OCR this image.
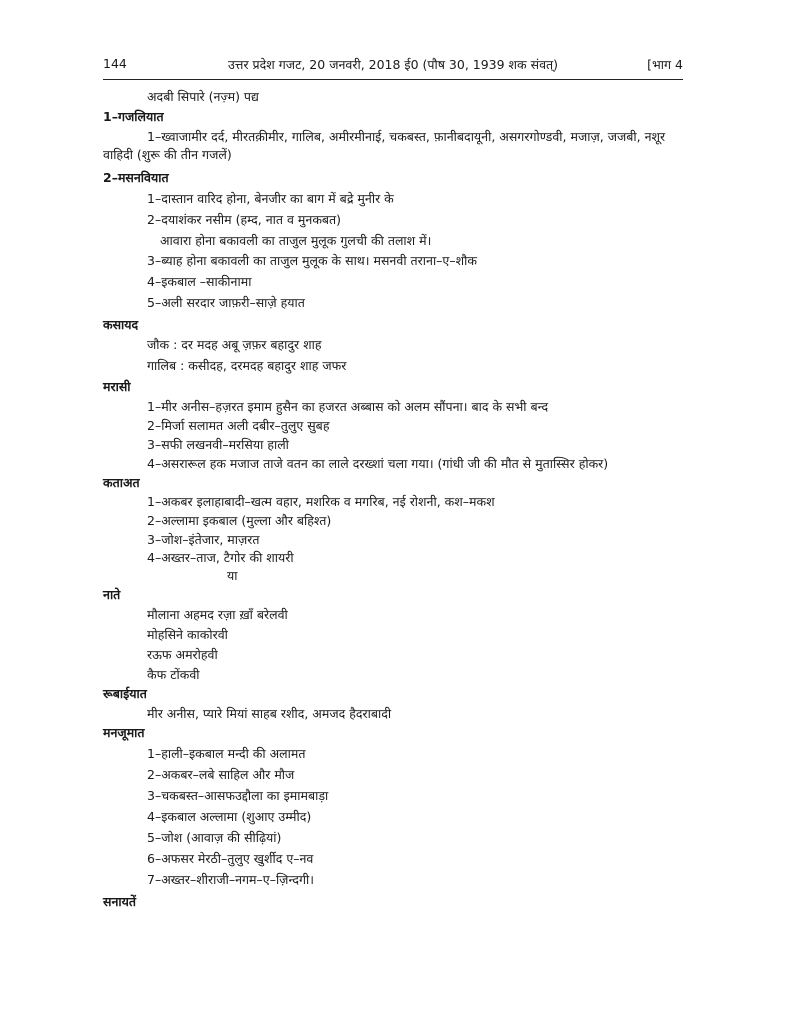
144	उत्तर प्रदेश गजट, 20 जनवरी, 2018 ई0 (पौष 30, 1939 शक संवत्)	[भाग 4
अदबी सिपारे (नज़्म) पद्य
1–गजलियात
1–ख्वाजामीर दर्द, मीरतक़ीमीर, गालिब, अमीरमीनाई, चकबस्त, फ़ानीबदायूनी, असगरगोण्डवी, मजाज़, जजबी, नशूर वाहिदी (शुरू की तीन गजलें)
2–मसनवियात
1–दास्तान वारिद होना, बेनजीर का बाग में बद्रे मुनीर के
2–दयाशंकर नसीम (हम्द, नात व मुनकबत)
आवारा होना बकावली का ताजुल मुलूक गुलची की तलाश में।
3–ब्याह होना बकावली का ताजुल मुलूक के साथ। मसनवी तराना–ए–शौक
4–इकबाल –साकीनामा
5–अली सरदार जाफ़री–साज़े हयात
कसायद
जौक : दर मदह अबू ज़फ़र बहादुर शाह
गालिब : कसीदह, दरमदह बहादुर शाह जफर
मरासी
1–मीर अनीस–हज़रत इमाम हुसैन का हजरत अब्बास को अलम सौंपना। बाद के सभी बन्द
2–मिर्जा सलामत अली दबीर–तुलुए सुबह
3–सफी लखनवी–मरसिया हाली
4–असरारूल हक मजाज ताजे वतन का लाले दरख्शां चला गया। (गांधी जी की मौत से मुतास्सिर होकर)
कताअत
1–अकबर इलाहाबादी–खत्म वहार, मशरिक व मगरिब, नई रोशनी, कश–मकश
2–अल्लामा इकबाल (मुल्ला और बहिश्त)
3–जोश–इंतेजार, माज़रत
4–अख्तर–ताज, टैगोर की शायरी
या
नाते
मौलाना अहमद रज़ा ख़ाँ बरेलवी
मोहसिने काकोरवी
रऊफ अमरोहवी
कैफ टोंकवी
रूबाईयात
मीर अनीस, प्यारे मियां साहब रशीद, अमजद हैदराबादी
मनजूमात
1–हाली–इकबाल मन्दी की अलामत
2–अकबर–लबे साहिल और मौज
3–चकबस्त–आसफउद्दौला का इमामबाड़ा
4–इकबाल अल्लामा (शुआए उम्मीद)
5–जोश (आवाज़ की सीढ़ियां)
6–अफसर मेरठी–तुलुए खुर्शीद ए–नव
7–अख्तर–शीराजी–नगम–ए–ज़िन्दगी।
सनायतें
